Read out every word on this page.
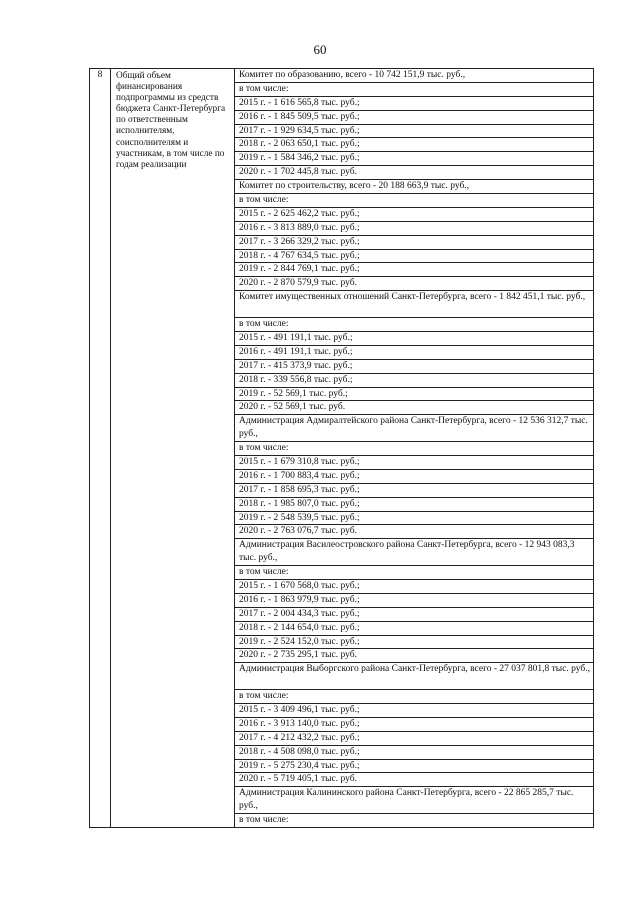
60
8	Общий объем финансирования подпрограммы из средств бюджета Санкт-Петербурга по ответственным исполнителям, соисполнителям и участникам, в том числе по годам реализации	Комитет по образованию, всего - 10 742 151,9 тыс. руб.,
в том числе:
2015 г. - 1 616 565,8 тыс. руб.;
2016 г. - 1 845 509,5 тыс. руб.;
2017 г. - 1 929 634,5 тыс. руб.;
2018 г. - 2 063 650,1 тыс. руб.;
2019 г. - 1 584 346,2 тыс. руб.;
2020 г. - 1 702 445,8 тыс. руб.
Комитет по строительству, всего - 20 188 663,9 тыс. руб.,
в том числе:
2015 г. - 2 625 462,2 тыс. руб.;
2016 г. - 3 813 889,0 тыс. руб.;
2017 г. - 3 266 329,2 тыс. руб.;
2018 г. - 4 767 634,5 тыс. руб.;
2019 г. - 2 844 769,1 тыс. руб.;
2020 г. - 2 870 579,9 тыс. руб.
Комитет имущественных отношений Санкт-Петербурга, всего - 1 842 451,1 тыс. руб.,
в том числе:
2015 г. - 491 191,1 тыс. руб.;
2016 г. - 491 191,1 тыс. руб.;
2017 г. - 415 373,9 тыс. руб.;
2018 г. - 339 556,8 тыс. руб.;
2019 г. - 52 569,1 тыс. руб.;
2020 г. - 52 569,1 тыс. руб.
Администрация Адмиралтейского района Санкт-Петербурга, всего - 12 536 312,7 тыс. руб.,
в том числе:
2015 г. - 1 679 310,8 тыс. руб.;
2016 г. - 1 700 883,4 тыс. руб.;
2017 г. - 1 858 695,3 тыс. руб.;
2018 г. - 1 985 807,0 тыс. руб.;
2019 г. - 2 548 539,5 тыс. руб.;
2020 г. - 2 763 076,7 тыс. руб.
Администрация Василеостровского района Санкт-Петербурга, всего - 12 943 083,3 тыс. руб.,
в том числе:
2015 г. - 1 670 568,0 тыс. руб.;
2016 г. - 1 863 979,9 тыс. руб.;
2017 г. - 2 004 434,3 тыс. руб.;
2018 г. - 2 144 654,0 тыс. руб.;
2019 г. - 2 524 152,0 тыс. руб.;
2020 г. - 2 735 295,1 тыс. руб.
Администрация Выборгского района Санкт-Петербурга, всего - 27 037 801,8 тыс. руб.,
в том числе:
2015 г. - 3 409 496,1 тыс. руб.;
2016 г. - 3 913 140,0 тыс. руб.;
2017 г. - 4 212 432,2 тыс. руб.;
2018 г. - 4 508 098,0 тыс. руб.;
2019 г. - 5 275 230,4 тыс. руб.;
2020 г. - 5 719 405,1 тыс. руб.
Администрация Калининского района Санкт-Петербурга, всего - 22 865 285,7 тыс. руб.,
в том числе:
